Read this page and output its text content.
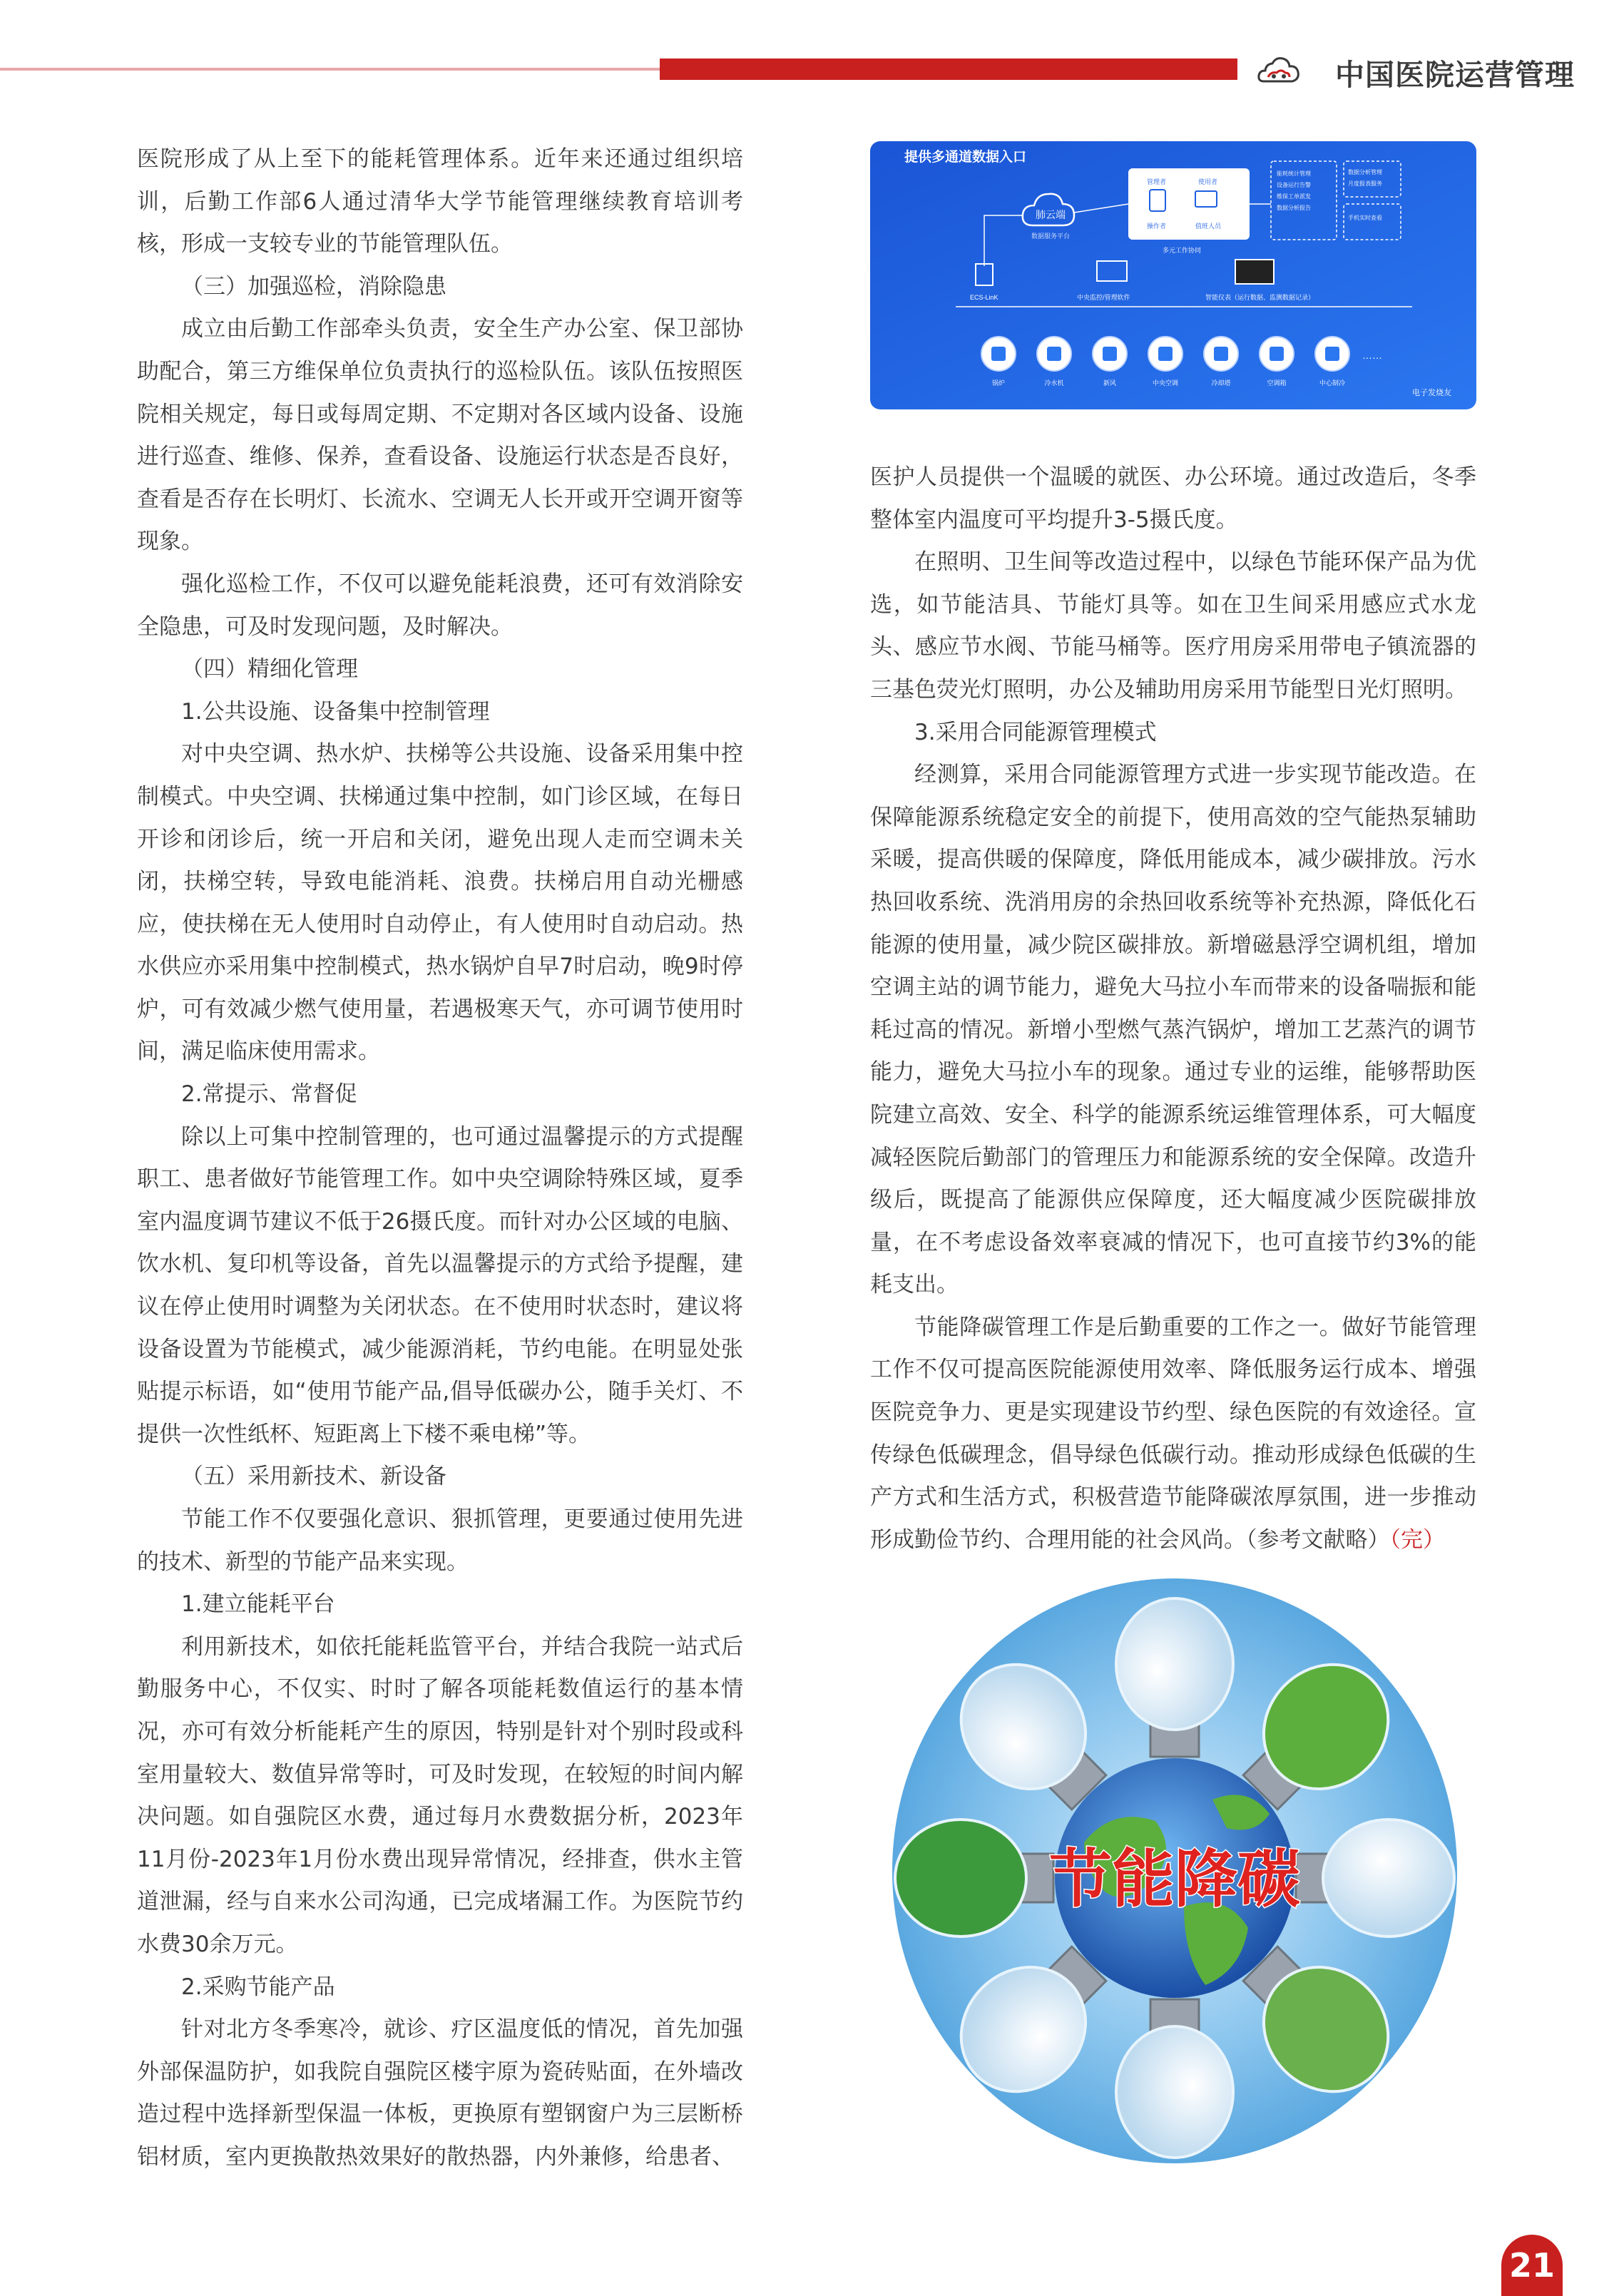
中国医院运营管理

医院形成了从上至下的能耗管理体系。近年来还通过组织培训，后勤工作部6人通过清华大学节能管理继续教育培训考核，形成一支较专业的节能管理队伍。

（三）加强巡检，消除隐患

成立由后勤工作部牵头负责，安全生产办公室、保卫部协助配合，第三方维保单位负责执行的巡检队伍。该队伍按照医院相关规定，每日或每周定期、不定期对各区域内设备、设施进行巡查、维修、保养，查看设备、设施运行状态是否良好，查看是否存在长明灯、长流水、空调无人长开或开空调开窗等现象。

强化巡检工作，不仅可以避免能耗浪费，还可有效消除安全隐患，可及时发现问题，及时解决。

（四）精细化管理

1.公共设施、设备集中控制管理

对中央空调、热水炉、扶梯等公共设施、设备采用集中控制模式。中央空调、扶梯通过集中控制，如门诊区域，在每日开诊和闭诊后，统一开启和关闭，避免出现人走而空调未关闭，扶梯空转，导致电能消耗、浪费。扶梯启用自动光栅感应，使扶梯在无人使用时自动停止，有人使用时自动启动。热水供应亦采用集中控制模式，热水锅炉自早7时启动，晚9时停炉，可有效减少燃气使用量，若遇极寒天气，亦可调节使用时间，满足临床使用需求。

2.常提示、常督促

除以上可集中控制管理的，也可通过温馨提示的方式提醒职工、患者做好节能管理工作。如中央空调除特殊区域，夏季室内温度调节建议不低于26摄氏度。而针对办公区域的电脑、饮水机、复印机等设备，首先以温馨提示的方式给予提醒，建议在停止使用时调整为关闭状态。在不使用时状态时，建议将设备设置为节能模式，减少能源消耗，节约电能。在明显处张贴提示标语，如“使用节能产品,倡导低碳办公，随手关灯、不提供一次性纸杯、短距离上下楼不乘电梯”等。

（五）采用新技术、新设备

节能工作不仅要强化意识、狠抓管理，更要通过使用先进的技术、新型的节能产品来实现。

1.建立能耗平台

利用新技术，如依托能耗监管平台，并结合我院一站式后勤服务中心，不仅实、时时了解各项能耗数值运行的基本情况，亦可有效分析能耗产生的原因，特别是针对个别时段或科室用量较大、数值异常等时，可及时发现，在较短的时间内解决问题。如自强院区水费，通过每月水费数据分析，2023年11月份-2023年1月份水费出现异常情况，经排查，供水主管道泄漏，经与自来水公司沟通，已完成堵漏工作。为医院节约水费30余万元。

2.采购节能产品

针对北方冬季寒冷，就诊、疗区温度低的情况，首先加强外部保温防护，如我院自强院区楼宇原为瓷砖贴面，在外墙改造过程中选择新型保温一体板，更换原有塑钢窗户为三层断桥铝材质，室内更换散热效果好的散热器，内外兼修，给患者、

提供多通道数据入口
肺云端
数据服务平台
管理者	使用者
操作者	值班人员
多元工作协同
能耗统计管理
设备运行告警
维保工单派发
数据分析报告
数据分析管理
月度报表服务
手机实时查看
ECS-LinK	中央监控/管理软件	智能仪表（运行数据、监测数据记录）
锅炉	冷水机	新风	中央空调	冷却塔	空调箱	中心制冷
……
电子发烧友

医护人员提供一个温暖的就医、办公环境。通过改造后，冬季整体室内温度可平均提升3-5摄氏度。

在照明、卫生间等改造过程中，以绿色节能环保产品为优选，如节能洁具、节能灯具等。如在卫生间采用感应式水龙头、感应节水阀、节能马桶等。医疗用房采用带电子镇流器的三基色荧光灯照明，办公及辅助用房采用节能型日光灯照明。

3.采用合同能源管理模式

经测算，采用合同能源管理方式进一步实现节能改造。在保障能源系统稳定安全的前提下，使用高效的空气能热泵辅助采暖，提高供暖的保障度，降低用能成本，减少碳排放。污水热回收系统、洗消用房的余热回收系统等补充热源，降低化石能源的使用量，减少院区碳排放。新增磁悬浮空调机组，增加空调主站的调节能力，避免大马拉小车而带来的设备喘振和能耗过高的情况。新增小型燃气蒸汽锅炉，增加工艺蒸汽的调节能力，避免大马拉小车的现象。通过专业的运维，能够帮助医院建立高效、安全、科学的能源系统运维管理体系，可大幅度减轻医院后勤部门的管理压力和能源系统的安全保障。改造升级后，既提高了能源供应保障度，还大幅度减少医院碳排放量，在不考虑设备效率衰减的情况下，也可直接节约3%的能耗支出。

节能降碳管理工作是后勤重要的工作之一。做好节能管理工作不仅可提高医院能源使用效率、降低服务运行成本、增强医院竞争力、更是实现建设节约型、绿色医院的有效途径。宣传绿色低碳理念，倡导绿色低碳行动。推动形成绿色低碳的生产方式和生活方式，积极营造节能降碳浓厚氛围，进一步推动形成勤俭节约、合理用能的社会风尚。（参考文献略）（完）

节能降碳
21
